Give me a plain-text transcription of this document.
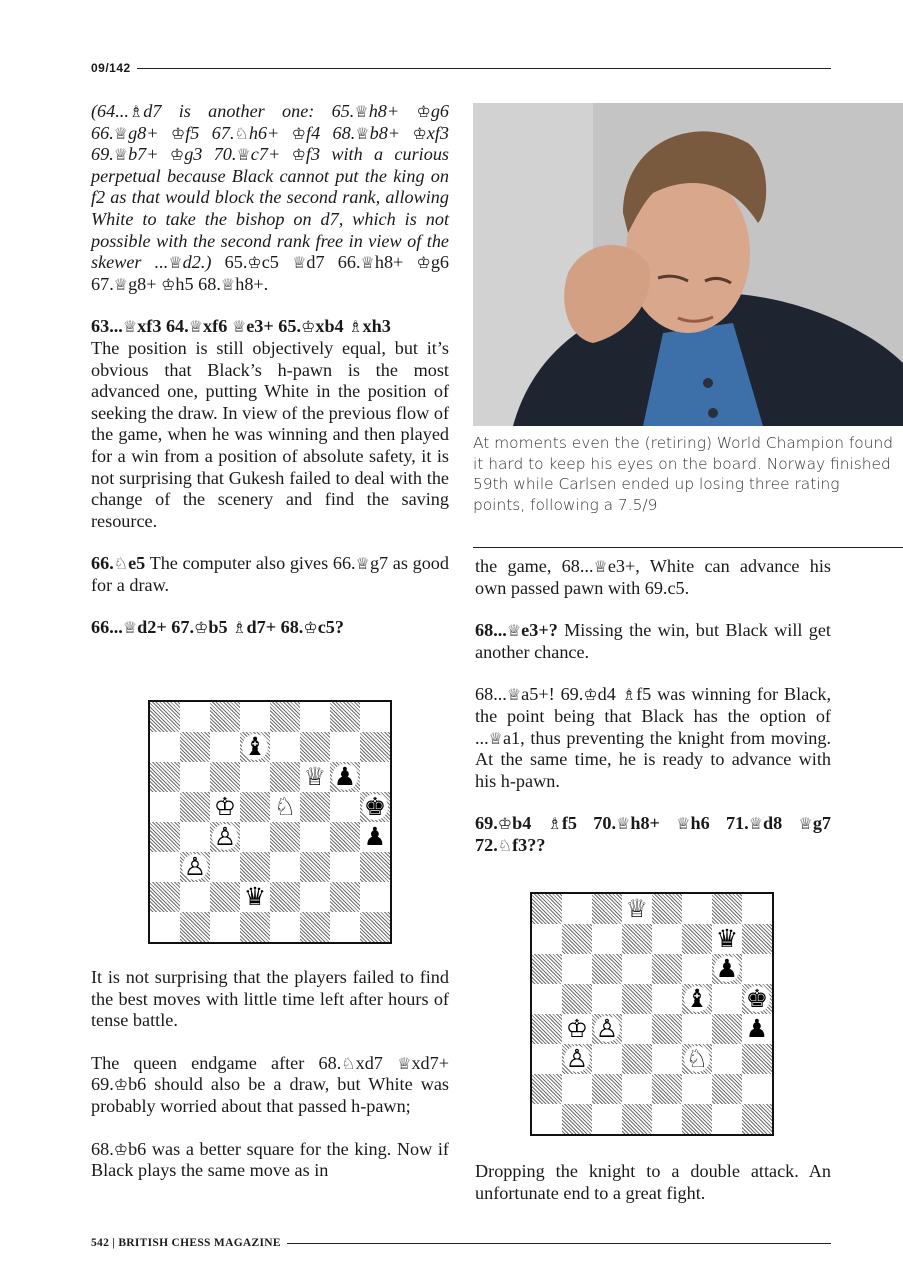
09/142

(64...♗d7 is another one: 65.♕h8+ ♔g6 66.♕g8+ ♔f5 67.♘h6+ ♔f4 68.♕b8+ ♔xf3 69.♕b7+ ♔g3 70.♕c7+ ♔f3 with a curious perpetual because Black cannot put the king on f2 as that would block the second rank, allowing White to take the bishop on d7, which is not possible with the second rank free in view of the skewer ...♕d2.) 65.♔c5 ♕d7 66.♕h8+ ♔g6 67.♕g8+ ♔h5 68.♕h8+.

63...♕xf3 64.♕xf6 ♕e3+ 65.♔xb4 ♗xh3

The position is still objectively equal, but it’s obvious that Black’s h-pawn is the most advanced one, putting White in the position of seeking the draw. In view of the previous flow of the game, when he was winning and then played for a win from a position of absolute safety, it is not surprising that Gukesh failed to deal with the change of the scenery and find the saving resource.

66.♘e5 The computer also gives 66.♕g7 as good for a draw.

66...♕d2+ 67.♔b5 ♗d7+ 68.♔c5?

♝
♕ ♟
♔ ♘	♚
♙	♟
♙
♛

It is not surprising that the players failed to find the best moves with little time left after hours of tense battle.

The queen endgame after 68.♘xd7 ♕xd7+ 69.♔b6 should also be a draw, but White was probably worried about that passed h-pawn;

68.♔b6 was a better square for the king. Now if Black plays the same move as in

At moments even the (retiring) World Champion found it hard to keep his eyes on the board. Norway finished 59th while Carlsen ended up losing three rating points, following a 7.5/9

the game, 68...♕e3+, White can advance his own passed pawn with 69.c5.

68...♕e3+? Missing the win, but Black will get another chance.

68...♕a5+! 69.♔d4 ♗f5 was winning for Black, the point being that Black has the option of ...♕a1, thus preventing the knight from moving. At the same time, he is ready to advance with his h-pawn.

69.♔b4 ♗f5 70.♕h8+ ♕h6 71.♕d8 ♕g7 72.♘f3??

♕
♛
♟
♝ ♚
♔ ♙	♟
♙	♘

Dropping the knight to a double attack. An unfortunate end to a great fight.

542 | BRITISH CHESS MAGAZINE
